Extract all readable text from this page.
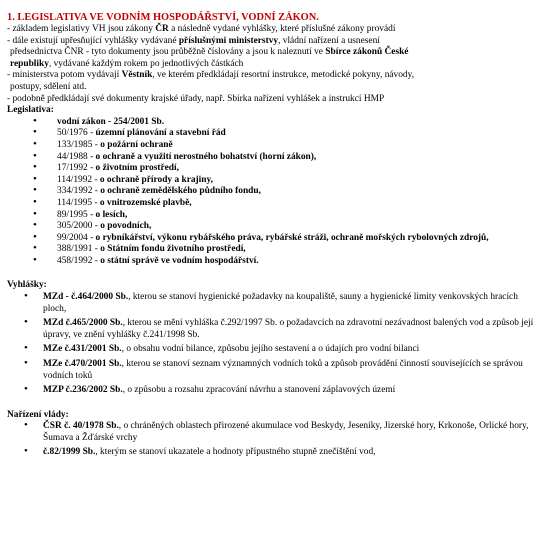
1. LEGISLATIVA VE VODNÍM HOSPODÁŘSTVÍ, VODNÍ ZÁKON.

- základem legislativy VH jsou zákony ČR a následně vydané vyhlášky, které příslušné zákony provádí

- dále existují upřesňující vyhlášky vydávané příslušnými ministerstvy, vládní nařízení a usnesení

předsednictva ČNR - tyto dokumenty jsou průběžně číslovány a jsou k naleznutí ve Sbírce zákonů České

republiky, vydávané každým rokem po jednotlivých částkách

- ministerstva potom vydávají Věstník, ve kterém předkládají resortní instrukce, metodické pokyny, návody,

postupy, sdělení atd.

- podobně předkládají své dokumenty krajské úřady, např. Sbírka nařízení vyhlášek a instrukcí HMP

Legislativa:

• vodní zákon - 254/2001 Sb.
• 50/1976 - územní plánování a stavební řád
• 133/1985 - o požární ochraně
• 44/1988 - o ochraně a využití nerostného bohatství (horní zákon),
• 17/1992 - o životním prostředí,
• 114/1992 - o ochraně přírody a krajiny,
• 334/1992 - o ochraně zemědělského půdního fondu,
• 114/1995 - o vnitrozemské plavbě,
• 89/1995 - o lesích,
• 305/2000 - o povodních,
• 99/2004 - o rybníkářství, výkonu rybářského práva, rybářské stráži, ochraně mořských rybolovných zdrojů,
• 388/1991 - o Státním fondu životního prostředí,
• 458/1992 - o státní správě ve vodním hospodářství.

Vyhlášky:

• MZd - č.464/2000 Sb., kterou se stanoví hygienické požadavky na koupaliště, sauny a hygienické limity venkovských hracích ploch,
• MZd č.465/2000 Sb., kterou se mění vyhláška č.292/1997 Sb. o požadavcích na zdravotní nezávadnost balených vod a způsob její úpravy, ve znění vyhlášky č.241/1998 Sb.
• MZe č.431/2001 Sb., o obsahu vodní bilance, způsobu jejího sestavení a o údajích pro vodní bilanci
• MZe č.470/2001 Sb., kterou se stanoví seznam významných vodních toků a způsob provádění činností souvisejících se správou vodních toků
• MZP č.236/2002 Sb., o způsobu a rozsahu zpracování návrhu a stanovení záplavových území

Nařízení vlády:

• ČSR č. 40/1978 Sb., o chráněných oblastech přirozené akumulace vod Beskydy, Jeseníky, Jizerské hory, Krkonoše, Orlické hory, Šumava a Žďárské vrchy
• č.82/1999 Sb., kterým se stanoví ukazatele a hodnoty přípustného stupně znečištění vod,
